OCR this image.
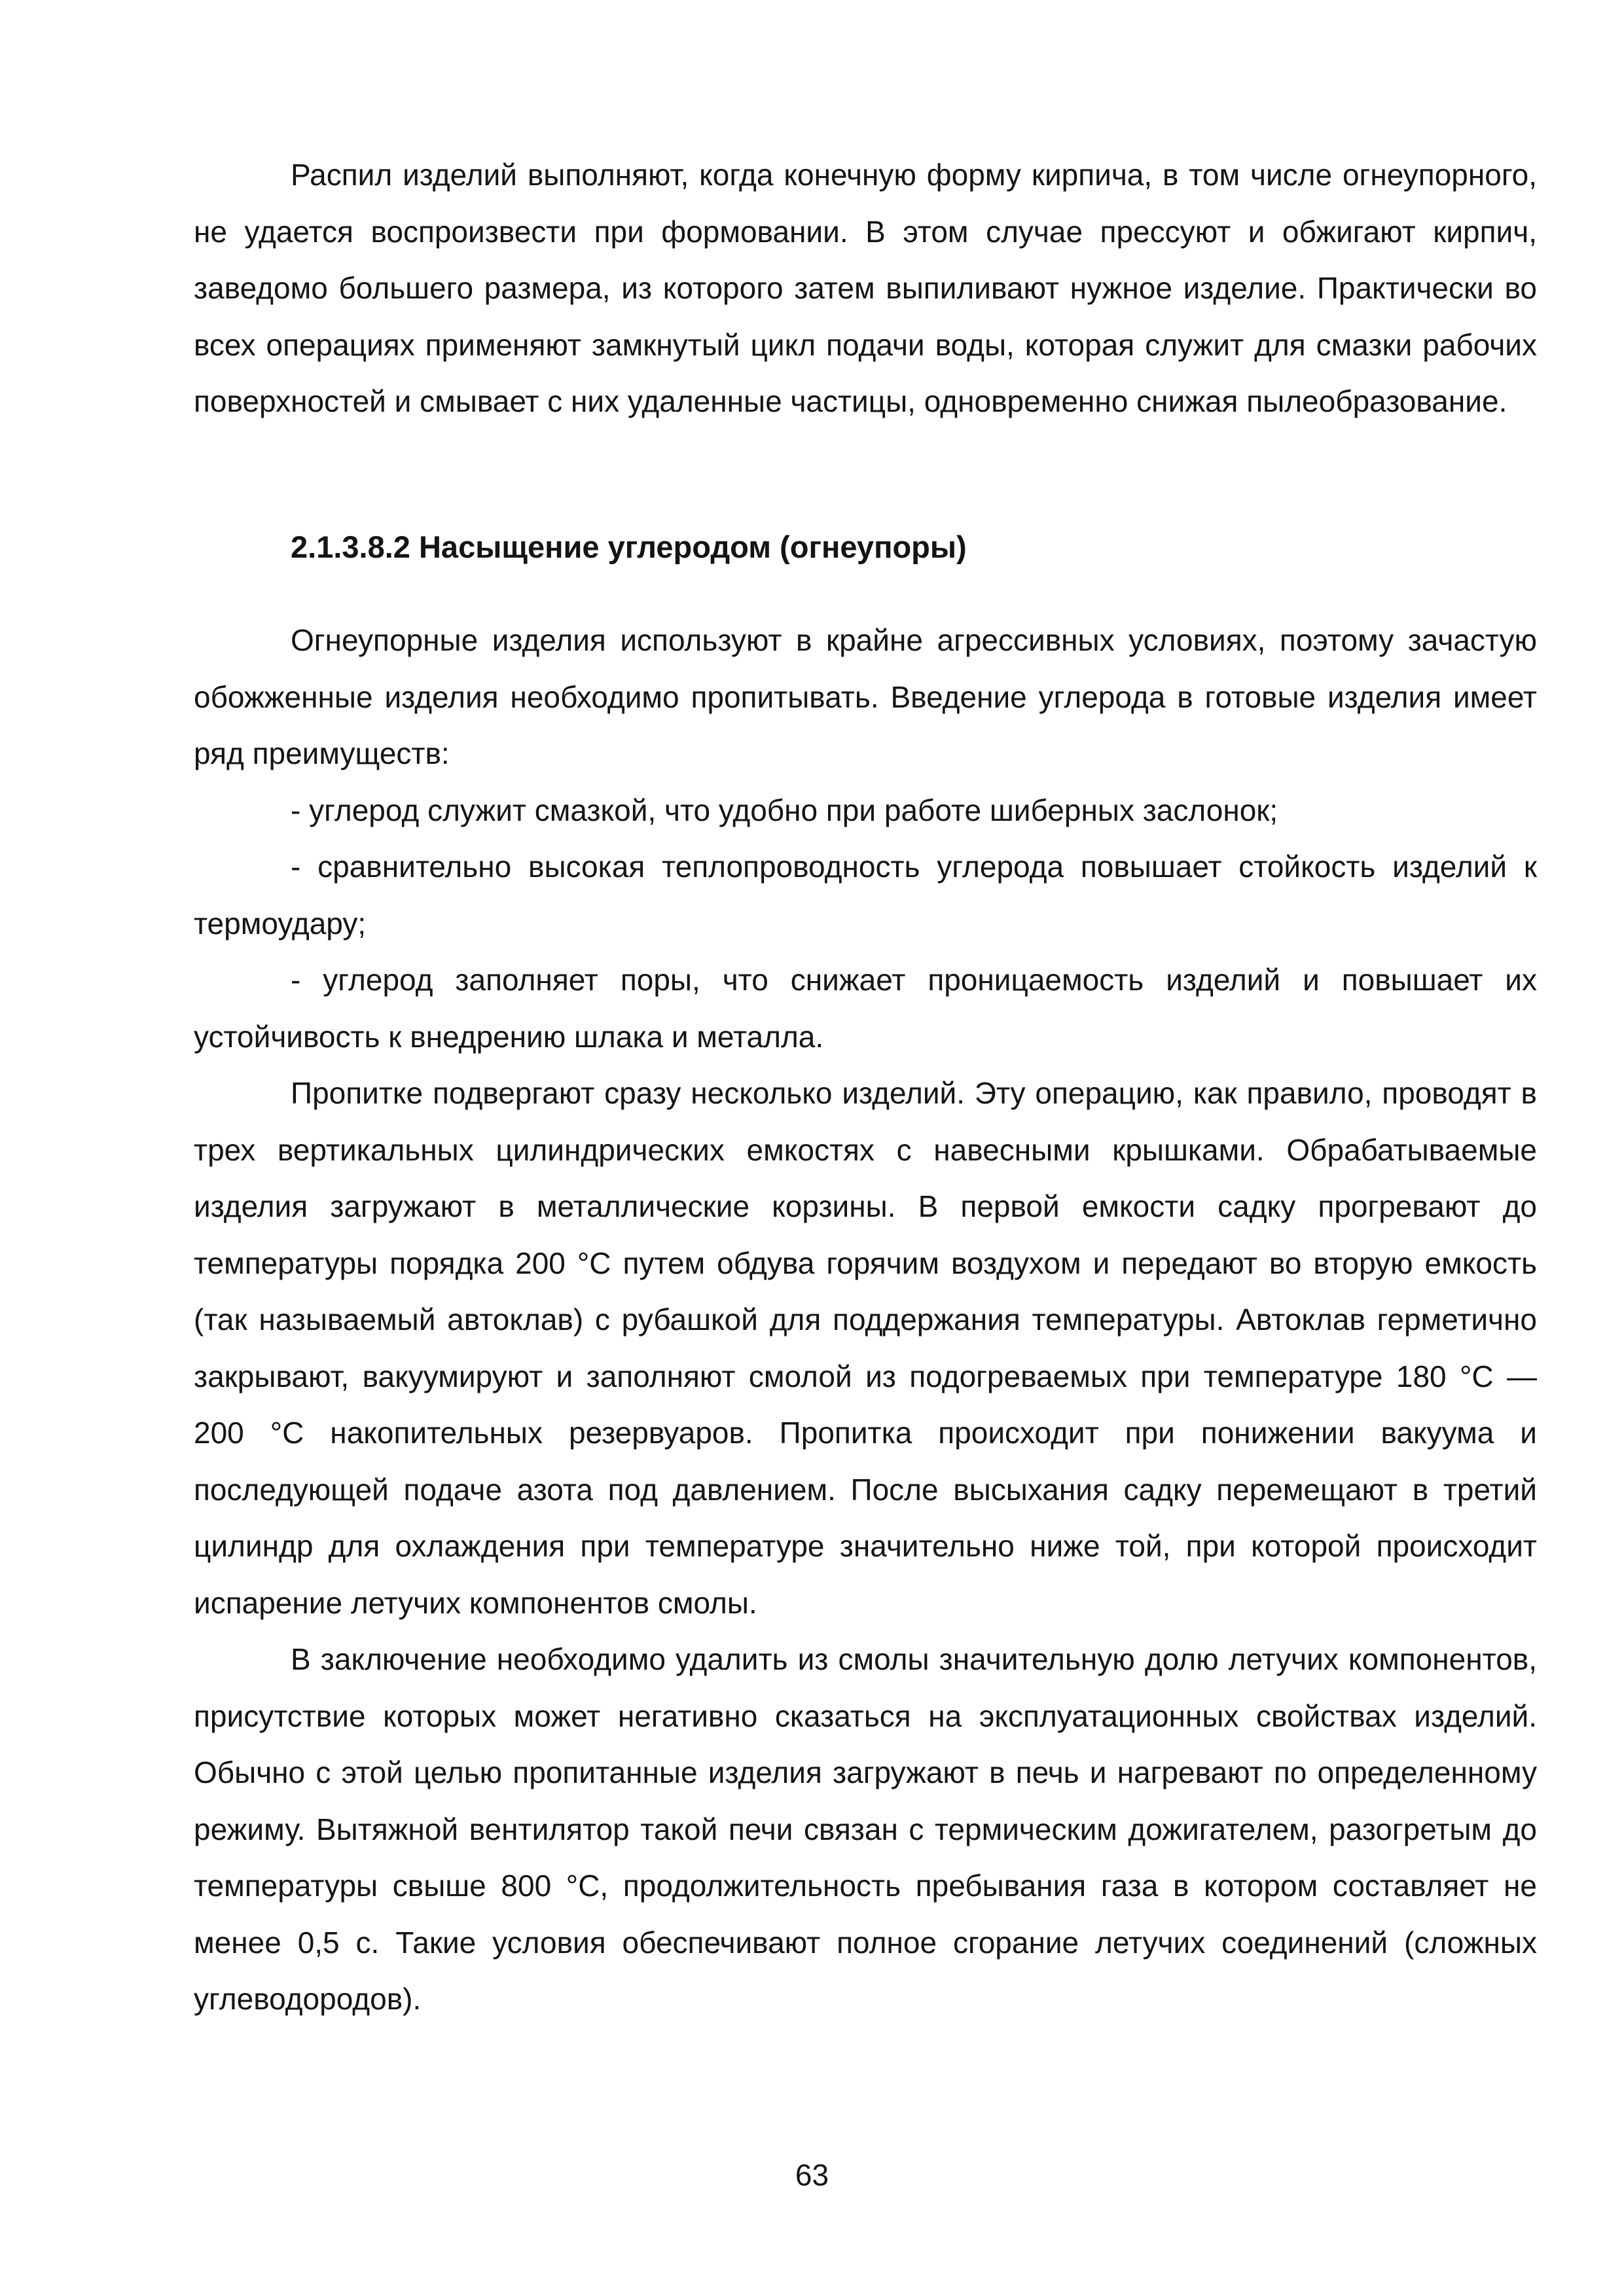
Распил изделий выполняют, когда конечную форму кирпича, в том числе огнеупорного, не удается воспроизвести при формовании. В этом случае прессуют и обжигают кирпич, заведомо большего размера, из которого затем выпиливают нужное изделие. Практически во всех операциях применяют замкнутый цикл подачи воды, которая служит для смазки рабочих поверхностей и смывает с них удаленные частицы, одновременно снижая пылеобразование.

2.1.3.8.2 Насыщение углеродом (огнеупоры)

Огнеупорные изделия используют в крайне агрессивных условиях, поэтому зачастую обожженные изделия необходимо пропитывать. Введение углерода в готовые изделия имеет ряд преимуществ:

- углерод служит смазкой, что удобно при работе шиберных заслонок;

- сравнительно высокая теплопроводность углерода повышает стойкость изделий к термоудару;

- углерод заполняет поры, что снижает проницаемость изделий и повышает их устойчивость к внедрению шлака и металла.

Пропитке подвергают сразу несколько изделий. Эту операцию, как правило, проводят в трех вертикальных цилиндрических емкостях с навесными крышками. Обрабатываемые изделия загружают в металлические корзины. В первой емкости садку прогревают до температуры порядка 200 °С путем обдува горячим воздухом и передают во вторую емкость (так называемый автоклав) с рубашкой для поддержания температуры. Автоклав герметично закрывают, вакуумируют и заполняют смолой из подогреваемых при температуре 180 °С — 200 °С накопительных резервуаров. Пропитка происходит при понижении вакуума и последующей подаче азота под давлением. После высыхания садку перемещают в третий цилиндр для охлаждения при температуре значительно ниже той, при которой происходит испарение летучих компонентов смолы.

В заключение необходимо удалить из смолы значительную долю летучих компонентов, присутствие которых может негативно сказаться на эксплуатационных свойствах изделий. Обычно с этой целью пропитанные изделия загружают в печь и нагревают по определенному режиму. Вытяжной вентилятор такой печи связан с термическим дожигателем, разогретым до температуры свыше 800 °С, продолжительность пребывания газа в котором составляет не менее 0,5 с. Такие условия обеспечивают полное сгорание летучих соединений (сложных углеводородов).

63
